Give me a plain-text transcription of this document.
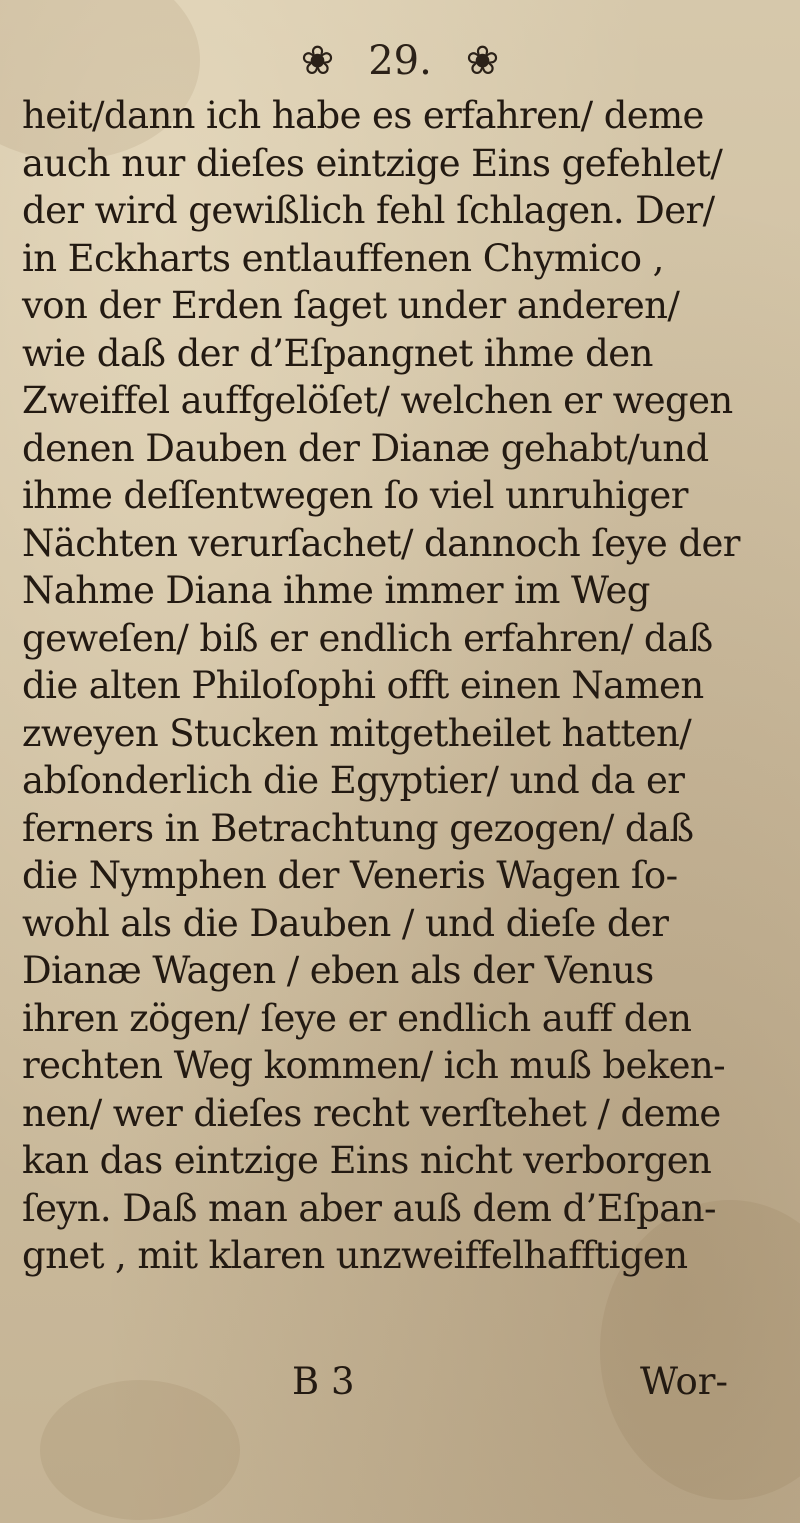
❀ 29. ❀
heit/dann ich habe es erfahren/ deme
auch nur dieſes eintzige Eins gefehlet/
der wird gewißlich fehl ſchlagen. Der/
in Eckharts entlauffenen Chymico ,
von der Erden ſaget under anderen/
wie daß der d’Eſpangnet ihme den
Zweiffel auffgelöſet/ welchen er wegen
denen Dauben der Dianæ gehabt/und
ihme deſſentwegen ſo viel unruhiger
Nächten verurſachet/ dannoch ſeye der
Nahme Diana ihme immer im Weg
geweſen/ biß er endlich erfahren/ daß
die alten Philoſophi offt einen Namen
zweyen Stucken mitgetheilet hatten/
abſonderlich die Egyptier/ und da er
ferners in Betrachtung gezogen/ daß
die Nymphen der Veneris Wagen ſo-
wohl als die Dauben / und dieſe der
Dianæ Wagen / eben als der Venus
ihren zögen/ ſeye er endlich auff den
rechten Weg kommen/ ich muß beken-
nen/ wer dieſes recht verſtehet / deme
kan das eintzige Eins nicht verborgen
ſeyn. Daß man aber auß dem d’Eſpan-
gnet , mit klaren unzweiffelhafftigen
B 3	Wor-
